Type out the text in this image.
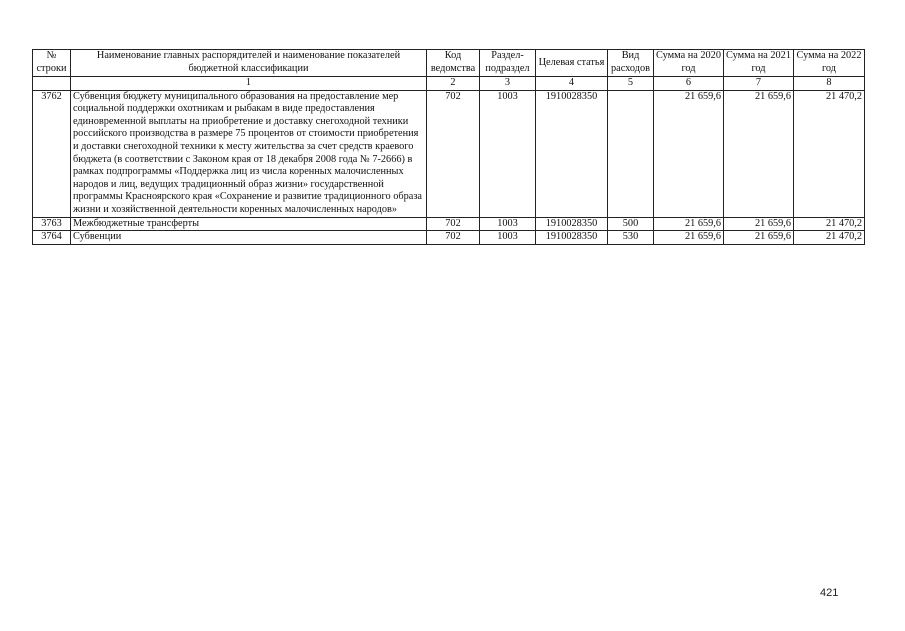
№ строки	Наименование главных распорядителей и наименование показателей бюджетной классификации	Код ведомства	Раздел-подраздел	Целевая статья	Вид расходов	Сумма на 2020 год	Сумма на 2021 год	Сумма на 2022 год
	1	2	3	4	5	6	7	8
3762	Субвенция бюджету муниципального образования на предоставление мер социальной поддержки охотникам и рыбакам в виде предоставления единовременной выплаты на приобретение и доставку снегоходной техники российского производства в размере 75 процентов от стоимости приобретения и доставки снегоходной техники к месту жительства за счет средств краевого бюджета (в соответствии с Законом края от 18 декабря 2008 года № 7-2666) в рамках подпрограммы «Поддержка лиц из числа коренных малочисленных народов и лиц, ведущих традиционный образ жизни» государственной программы Красноярского края «Сохранение и развитие традиционного образа жизни и хозяйственной деятельности коренных малочисленных народов»	702	1003	1910028350		21 659,6	21 659,6	21 470,2
3763	Межбюджетные трансферты	702	1003	1910028350	500	21 659,6	21 659,6	21 470,2
3764	Субвенции	702	1003	1910028350	530	21 659,6	21 659,6	21 470,2
421
